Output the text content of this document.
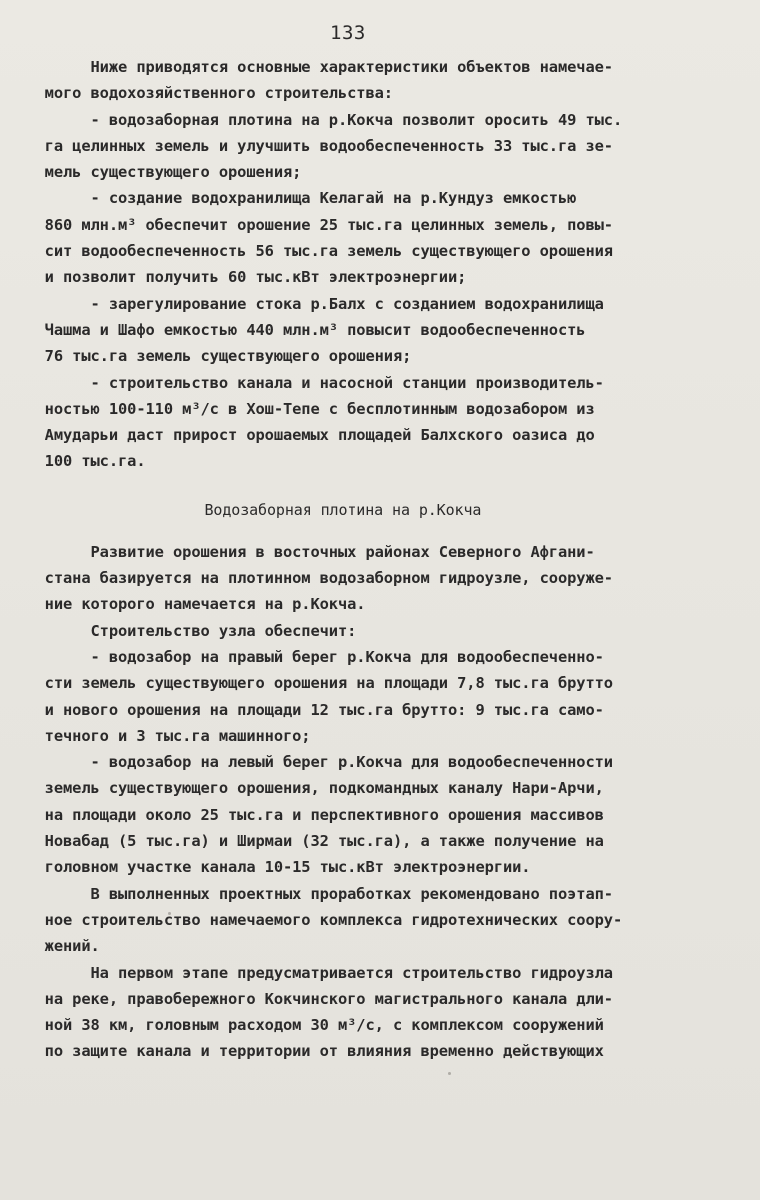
133
Ниже приводятся основные характеристики объектов намечае-
мого водохозяйственного строительства:
- водозаборная плотина на р.Кокча позволит оросить 49 тыс.
га целинных земель и улучшить водообеспеченность 33 тыс.га зе-
мель существующего орошения;
- создание водохранилища Келагай на р.Кундуз емкостью
860 млн.м³ обеспечит орошение 25 тыс.га целинных земель, повы-
сит водообеспеченность 56 тыс.га земель существующего орошения
и позволит получить 60 тыс.кВт электроэнергии;
- зарегулирование стока р.Балх с созданием водохранилища
Чашма и Шафо емкостью 440 млн.м³ повысит водообеспеченность
76 тыс.га земель существующего орошения;
- строительство канала и насосной станции производитель-
ностью 100-110 м³/с в Хош-Тепе с бесплотинным водозабором из
Амударьи даст прирост орошаемых площадей Балхского оазиса до
100 тыс.га.
Водозаборная плотина на р.Кокча
Развитие орошения в восточных районах Северного Афгани-
стана базируется на плотинном водозаборном гидроузле, сооруже-
ние которого намечается на р.Кокча.
Строительство узла обеспечит:
- водозабор на правый берег р.Кокча для водообеспеченно-
сти земель существующего орошения на площади 7,8 тыс.га брутто
и нового орошения на площади 12 тыс.га брутто: 9 тыс.га само-
течного и 3 тыс.га машинного;
- водозабор на левый берег р.Кокча для водообеспеченности
земель существующего орошения, подкомандных каналу Нари-Арчи,
на площади около 25 тыс.га и перспективного орошения массивов
Новабад (5 тыс.га) и Ширмаи (32 тыс.га), а также получение на
головном участке канала 10-15 тыс.кВт электроэнергии.
В выполненных проектных проработках рекомендовано поэтап-
ное строительство намечаемого комплекса гидротехнических соору-
жений.
На первом этапе предусматривается строительство гидроузла
на реке, правобережного Кокчинского магистрального канала дли-
ной 38 км, головным расходом 30 м³/с, с комплексом сооружений
по защите канала и территории от влияния временно действующих
